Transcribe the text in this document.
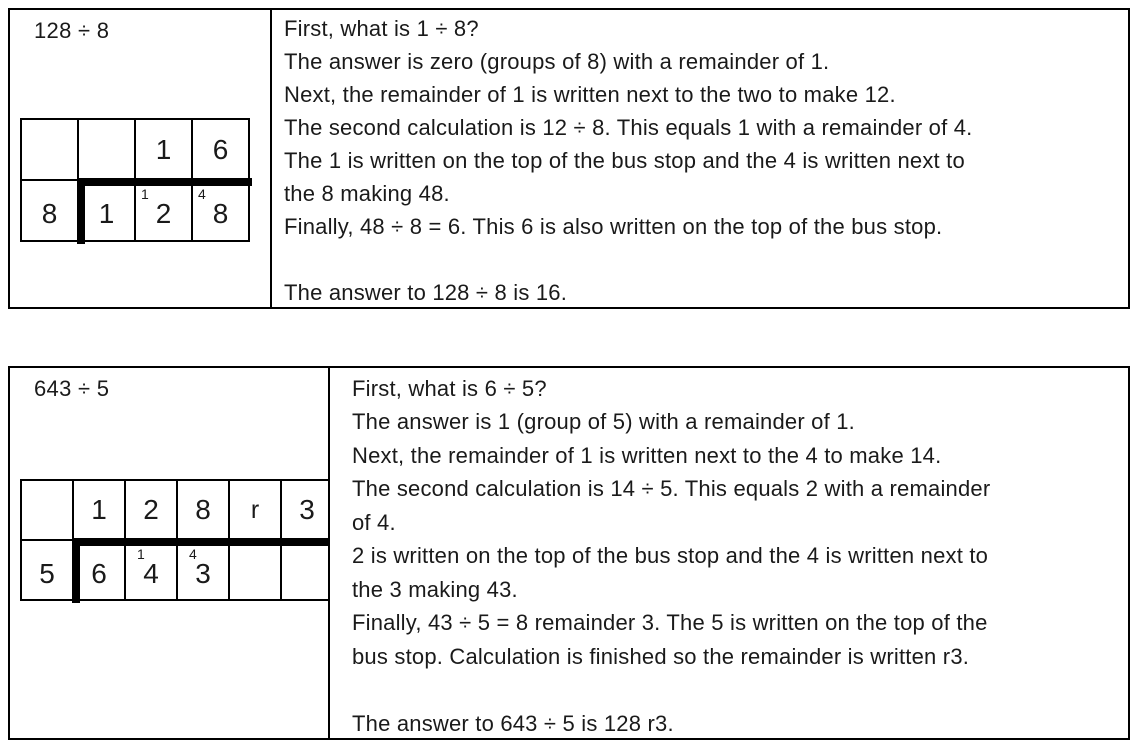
128 ÷ 8
1 6
8 1
1
2
4
8
First, what is 1 ÷ 8?
The answer is zero (groups of 8) with a remainder of 1.
Next, the remainder of 1 is written next to the two to make 12.
The second calculation is 12 ÷ 8. This equals 1 with a remainder of 4.
The 1 is written on the top of the bus stop and the 4 is written next to
the 8 making 48.
Finally, 48 ÷ 8 = 6. This 6 is also written on the top of the bus stop.
The answer to 128 ÷ 8 is 16.
643 ÷ 5
1 2 8 r 3
5 6
1
4
4
3
First, what is 6 ÷ 5?
The answer is 1 (group of 5) with a remainder of 1.
Next, the remainder of 1 is written next to the 4 to make 14.
The second calculation is 14 ÷ 5. This equals 2 with a remainder
of 4.
2 is written on the top of the bus stop and the 4 is written next to
the 3 making 43.
Finally, 43 ÷ 5 = 8 remainder 3. The 5 is written on the top of the
bus stop. Calculation is finished so the remainder is written r3.
The answer to 643 ÷ 5 is 128 r3.
